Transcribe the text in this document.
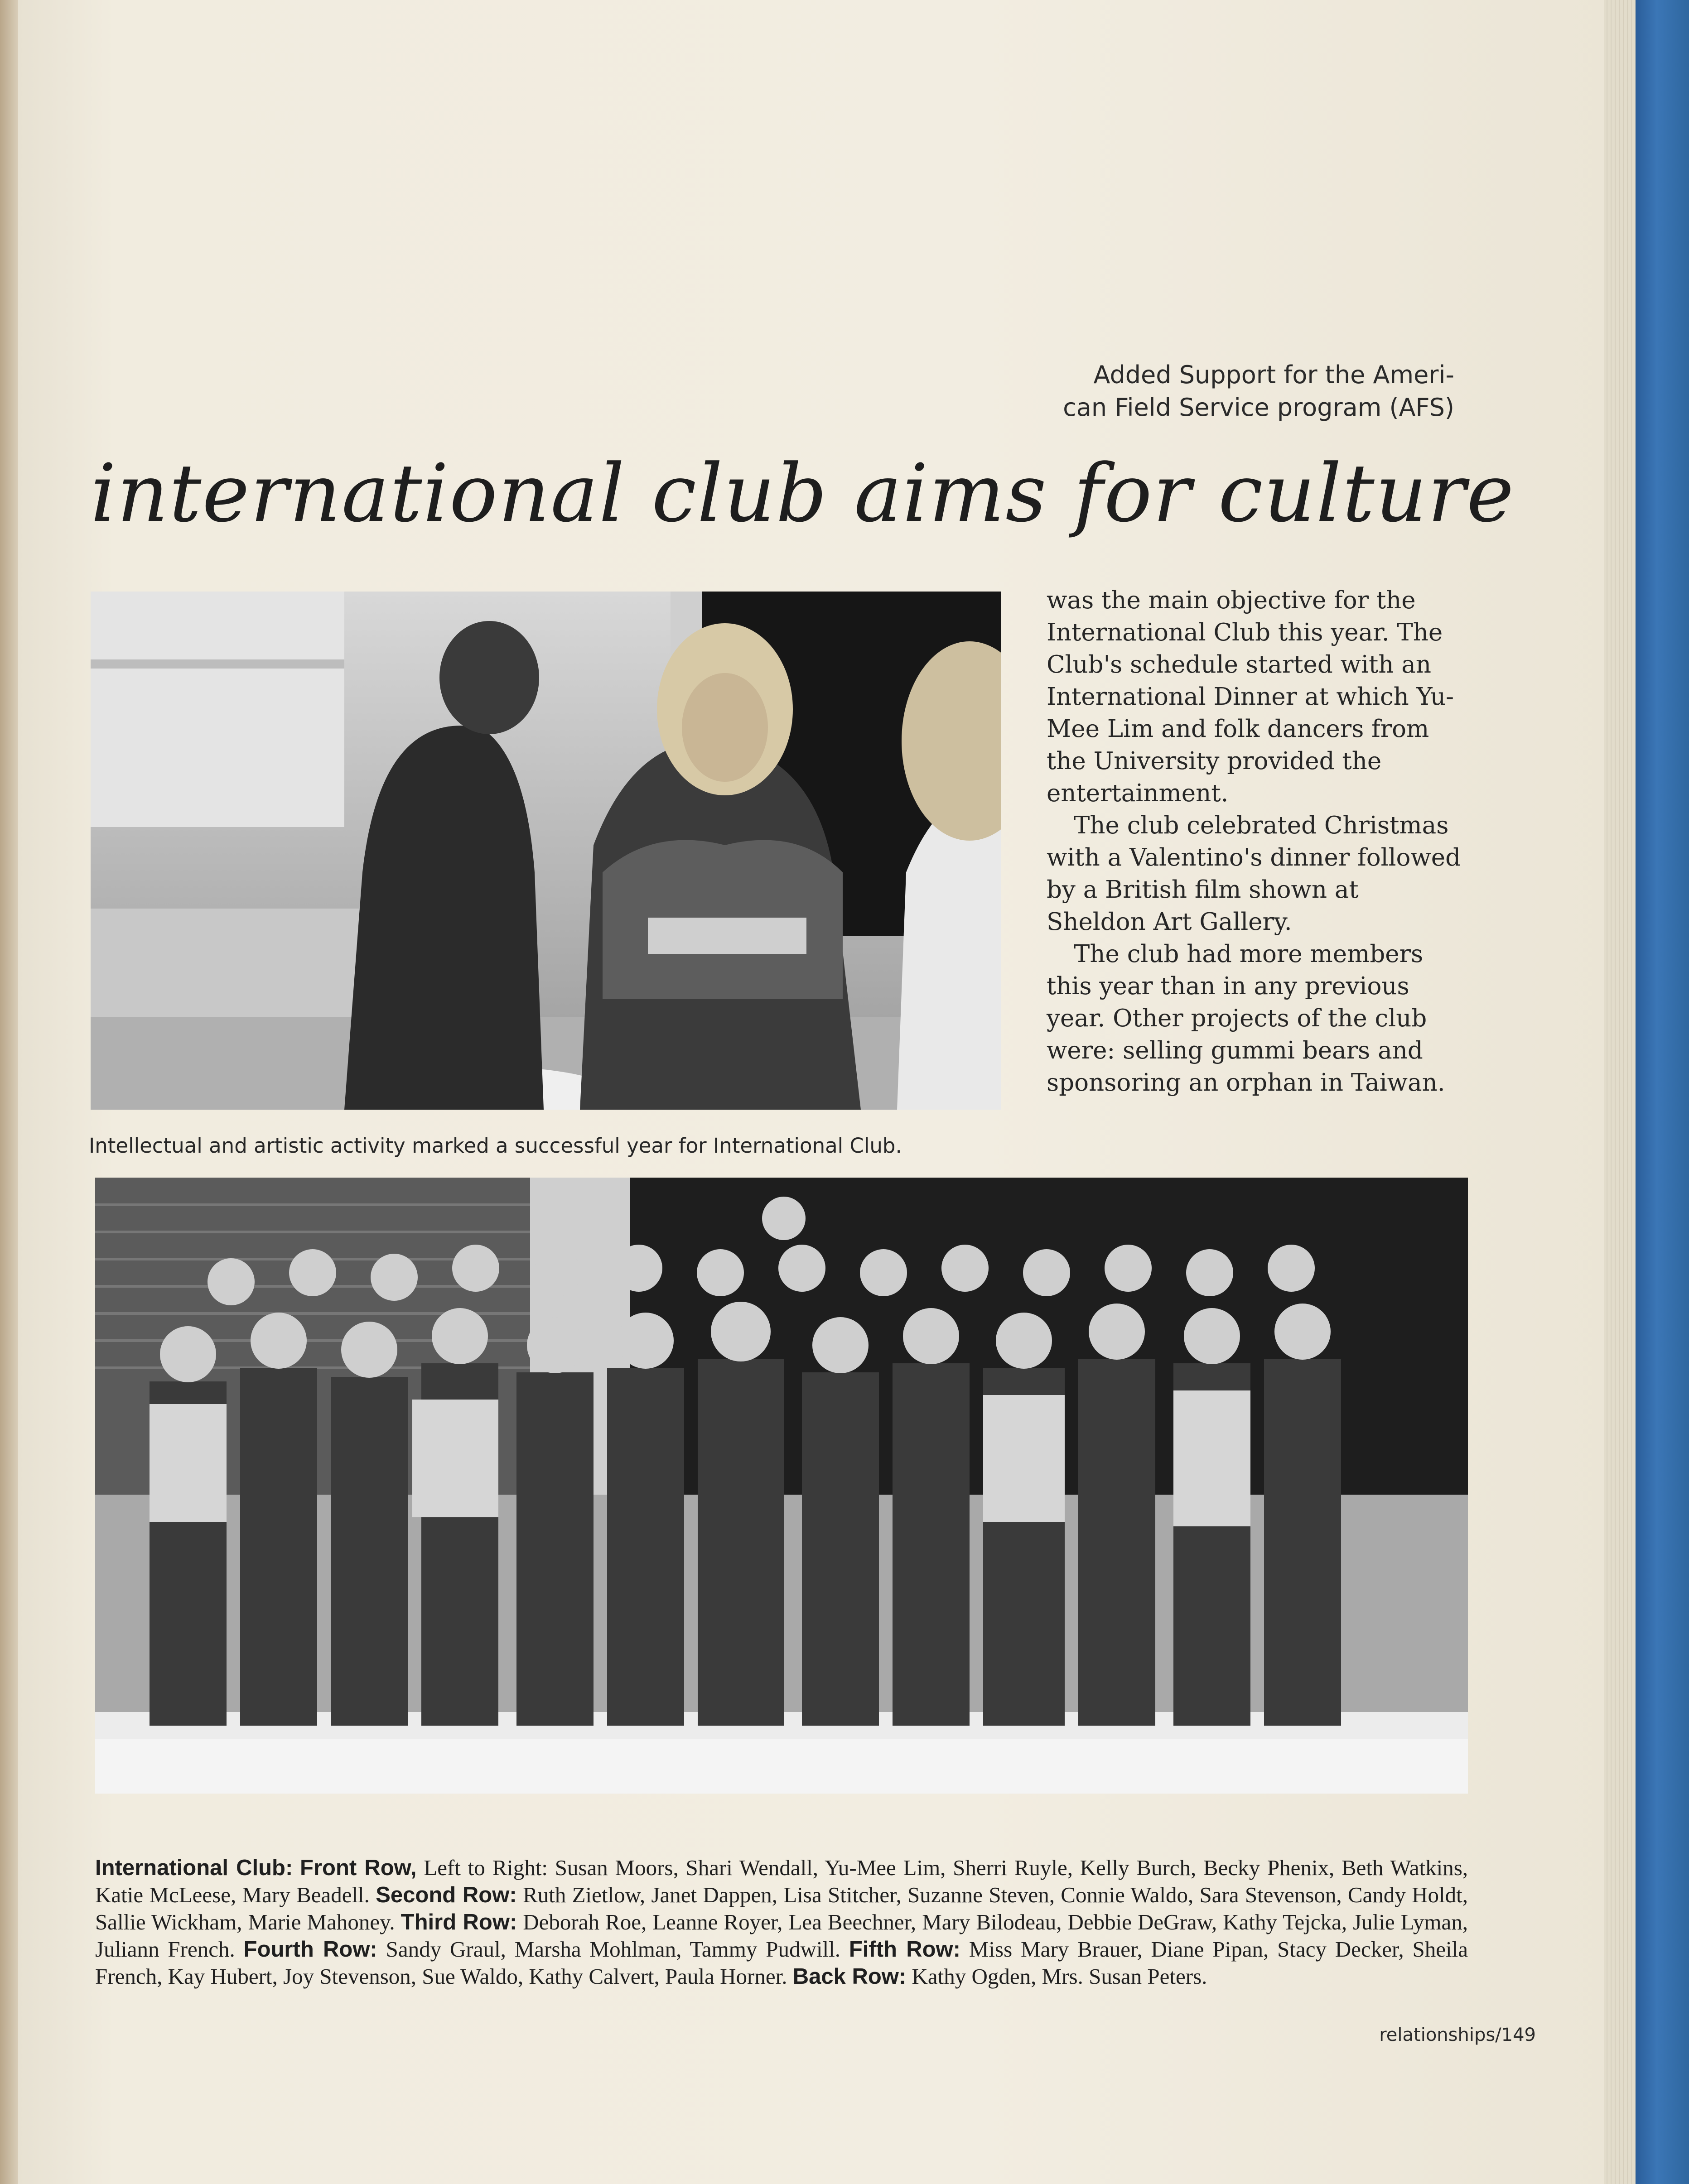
Added Support for the Ameri-
can Field Service program (AFS)
international club aims for culture
Intellectual and artistic activity marked a successful year for International Club.

was the main objective for the International Club this year. The Club's schedule started with an International Dinner at which Yu-Mee Lim and folk dancers from the University provided the entertainment.

The club celebrated Christmas with a Valentino's dinner followed by a British film shown at Sheldon Art Gallery.

The club had more members this year than in any previous year. Other projects of the club were: selling gummi bears and sponsoring an orphan in Taiwan.

International Club: Front Row, Left to Right: Susan Moors, Shari Wendall, Yu-Mee Lim, Sherri Ruyle, Kelly Burch, Becky Phenix, Beth Watkins, Katie McLeese, Mary Beadell. Second Row: Ruth Zietlow, Janet Dappen, Lisa Stitcher, Suzanne Steven, Connie Waldo, Sara Stevenson, Candy Holdt, Sallie Wickham, Marie Mahoney. Third Row: Deborah Roe, Leanne Royer, Lea Beechner, Mary Bilodeau, Debbie DeGraw, Kathy Tejcka, Julie Lyman, Juliann French. Fourth Row: Sandy Graul, Marsha Mohlman, Tammy Pudwill. Fifth Row: Miss Mary Brauer, Diane Pipan, Stacy Decker, Sheila French, Kay Hubert, Joy Stevenson, Sue Waldo, Kathy Calvert, Paula Horner. Back Row: Kathy Ogden, Mrs. Susan Peters.
relationships/149
